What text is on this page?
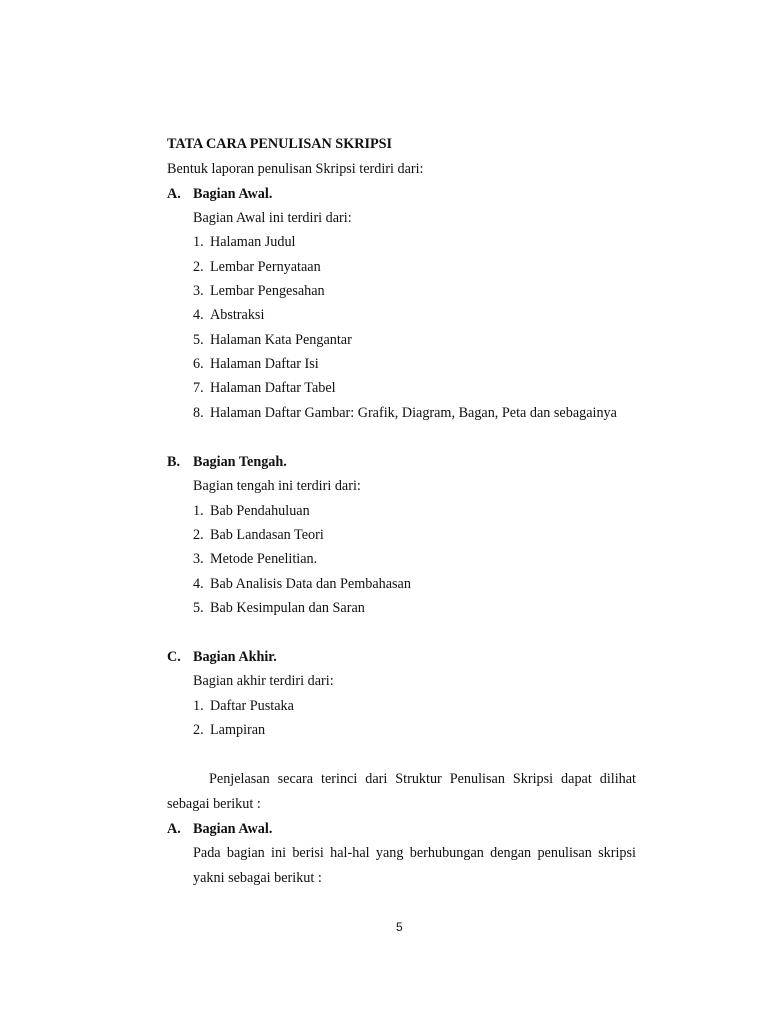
TATA CARA PENULISAN SKRIPSI
Bentuk laporan penulisan Skripsi terdiri dari:
A. Bagian Awal.
Bagian Awal ini terdiri dari:
1. Halaman Judul
2. Lembar Pernyataan
3. Lembar Pengesahan
4. Abstraksi
5. Halaman Kata Pengantar
6. Halaman Daftar Isi
7. Halaman Daftar Tabel
8. Halaman Daftar Gambar: Grafik, Diagram, Bagan, Peta dan sebagainya
B. Bagian Tengah.
Bagian tengah ini terdiri dari:
1. Bab Pendahuluan
2. Bab Landasan Teori
3. Metode Penelitian.
4. Bab Analisis Data dan Pembahasan
5. Bab Kesimpulan dan Saran
C. Bagian Akhir.
Bagian akhir terdiri dari:
1. Daftar Pustaka
2. Lampiran
Penjelasan secara terinci dari Struktur Penulisan Skripsi dapat dilihat
sebagai berikut :
A. Bagian Awal.
Pada bagian ini berisi hal-hal yang berhubungan dengan penulisan skripsi
yakni sebagai berikut :
5
